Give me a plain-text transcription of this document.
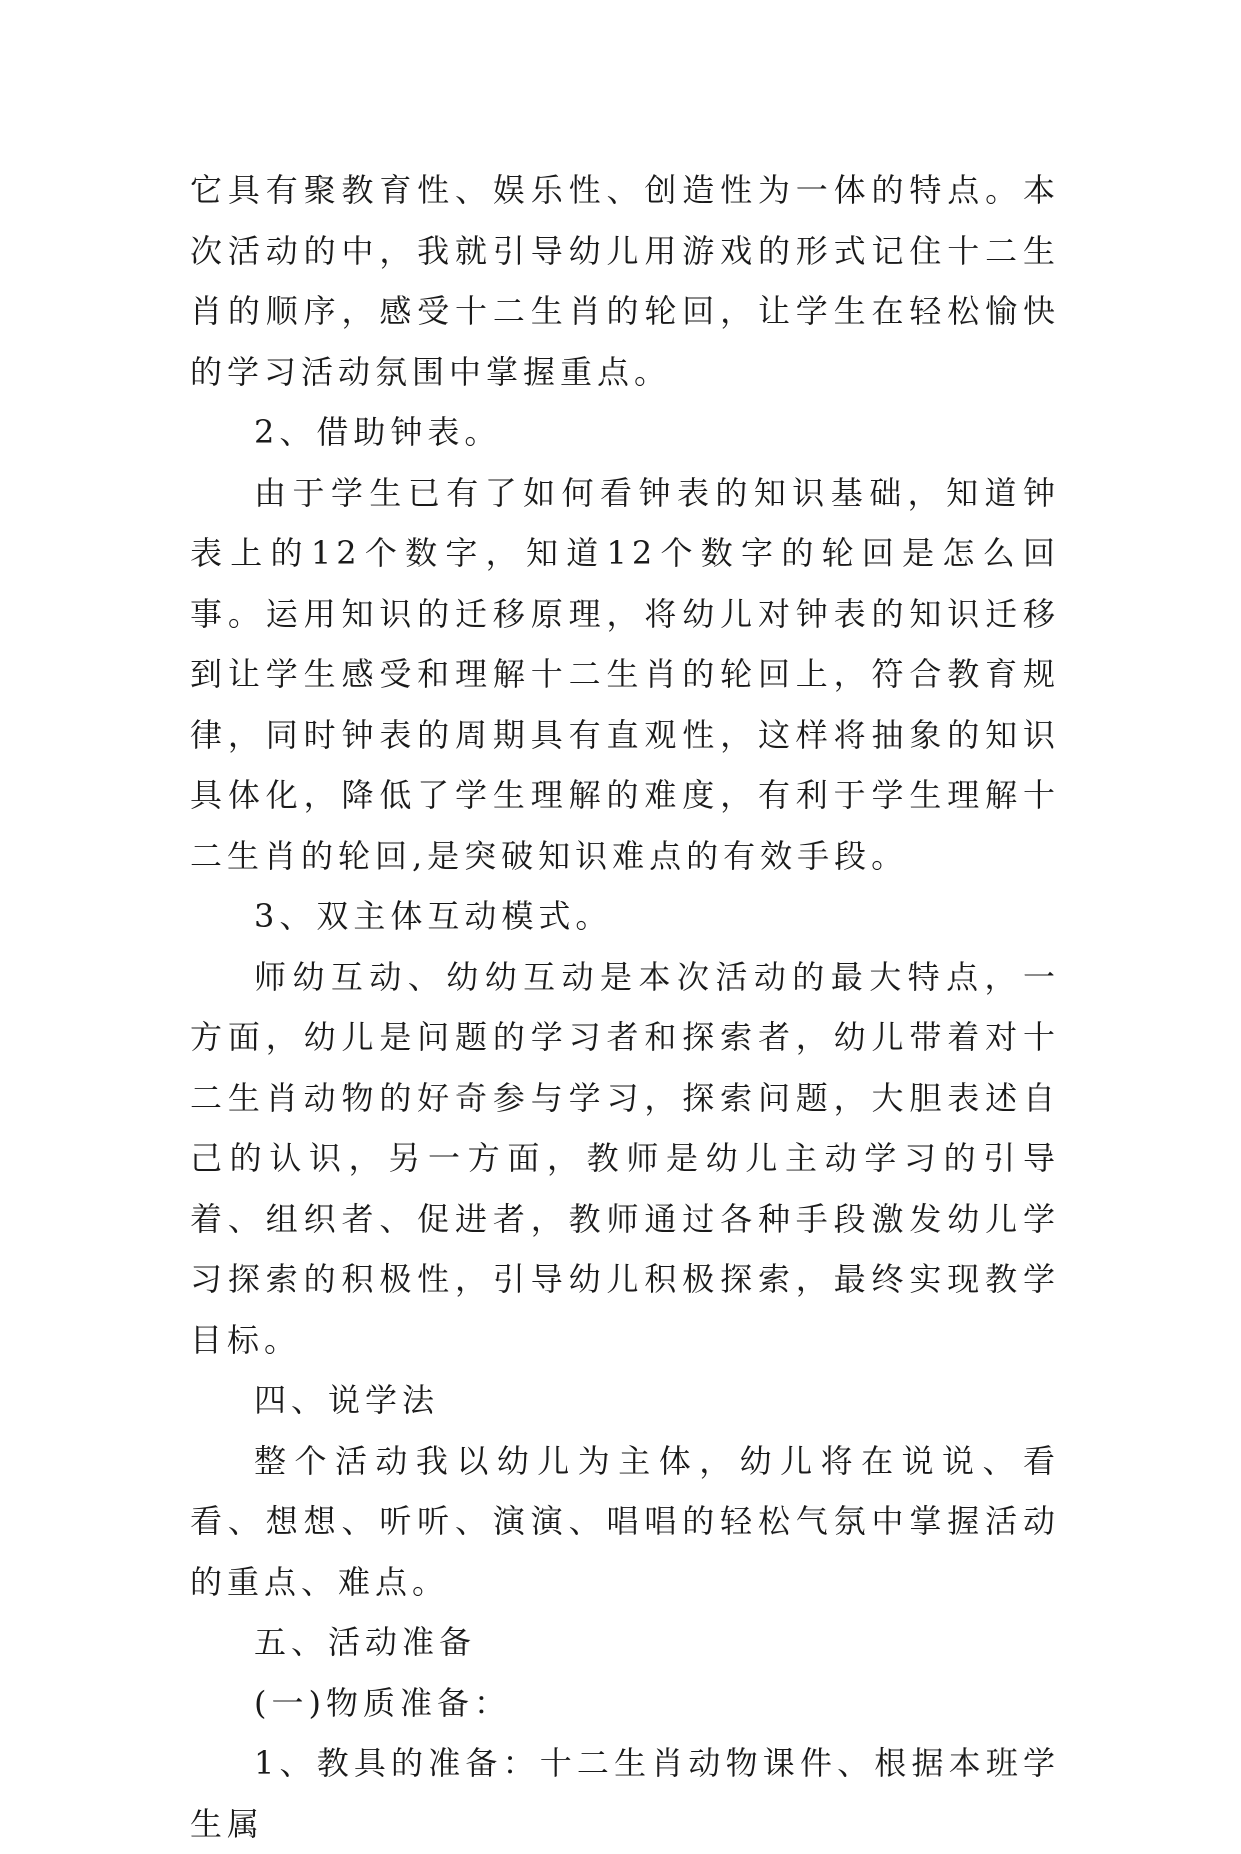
它具有聚教育性、娱乐性、创造性为一体的特点。本次活动的中，我就引导幼儿用游戏的形式记住十二生肖的顺序，感受十二生肖的轮回，让学生在轻松愉快的学习活动氛围中掌握重点。

2、借助钟表。

由于学生已有了如何看钟表的知识基础，知道钟表上的12个数字，知道12个数字的轮回是怎么回事。运用知识的迁移原理，将幼儿对钟表的知识迁移到让学生感受和理解十二生肖的轮回上，符合教育规律，同时钟表的周期具有直观性，这样将抽象的知识具体化，降低了学生理解的难度，有利于学生理解十二生肖的轮回,是突破知识难点的有效手段。

3、双主体互动模式。

师幼互动、幼幼互动是本次活动的最大特点，一方面，幼儿是问题的学习者和探索者，幼儿带着对十二生肖动物的好奇参与学习，探索问题，大胆表述自己的认识，另一方面，教师是幼儿主动学习的引导着、组织者、促进者，教师通过各种手段激发幼儿学习探索的积极性，引导幼儿积极探索，最终实现教学目标。

四、说学法

整个活动我以幼儿为主体，幼儿将在说说、看看、想想、听听、演演、唱唱的轻松气氛中掌握活动的重点、难点。

五、活动准备

(一)物质准备：

1、教具的准备：十二生肖动物课件、根据本班学生属
